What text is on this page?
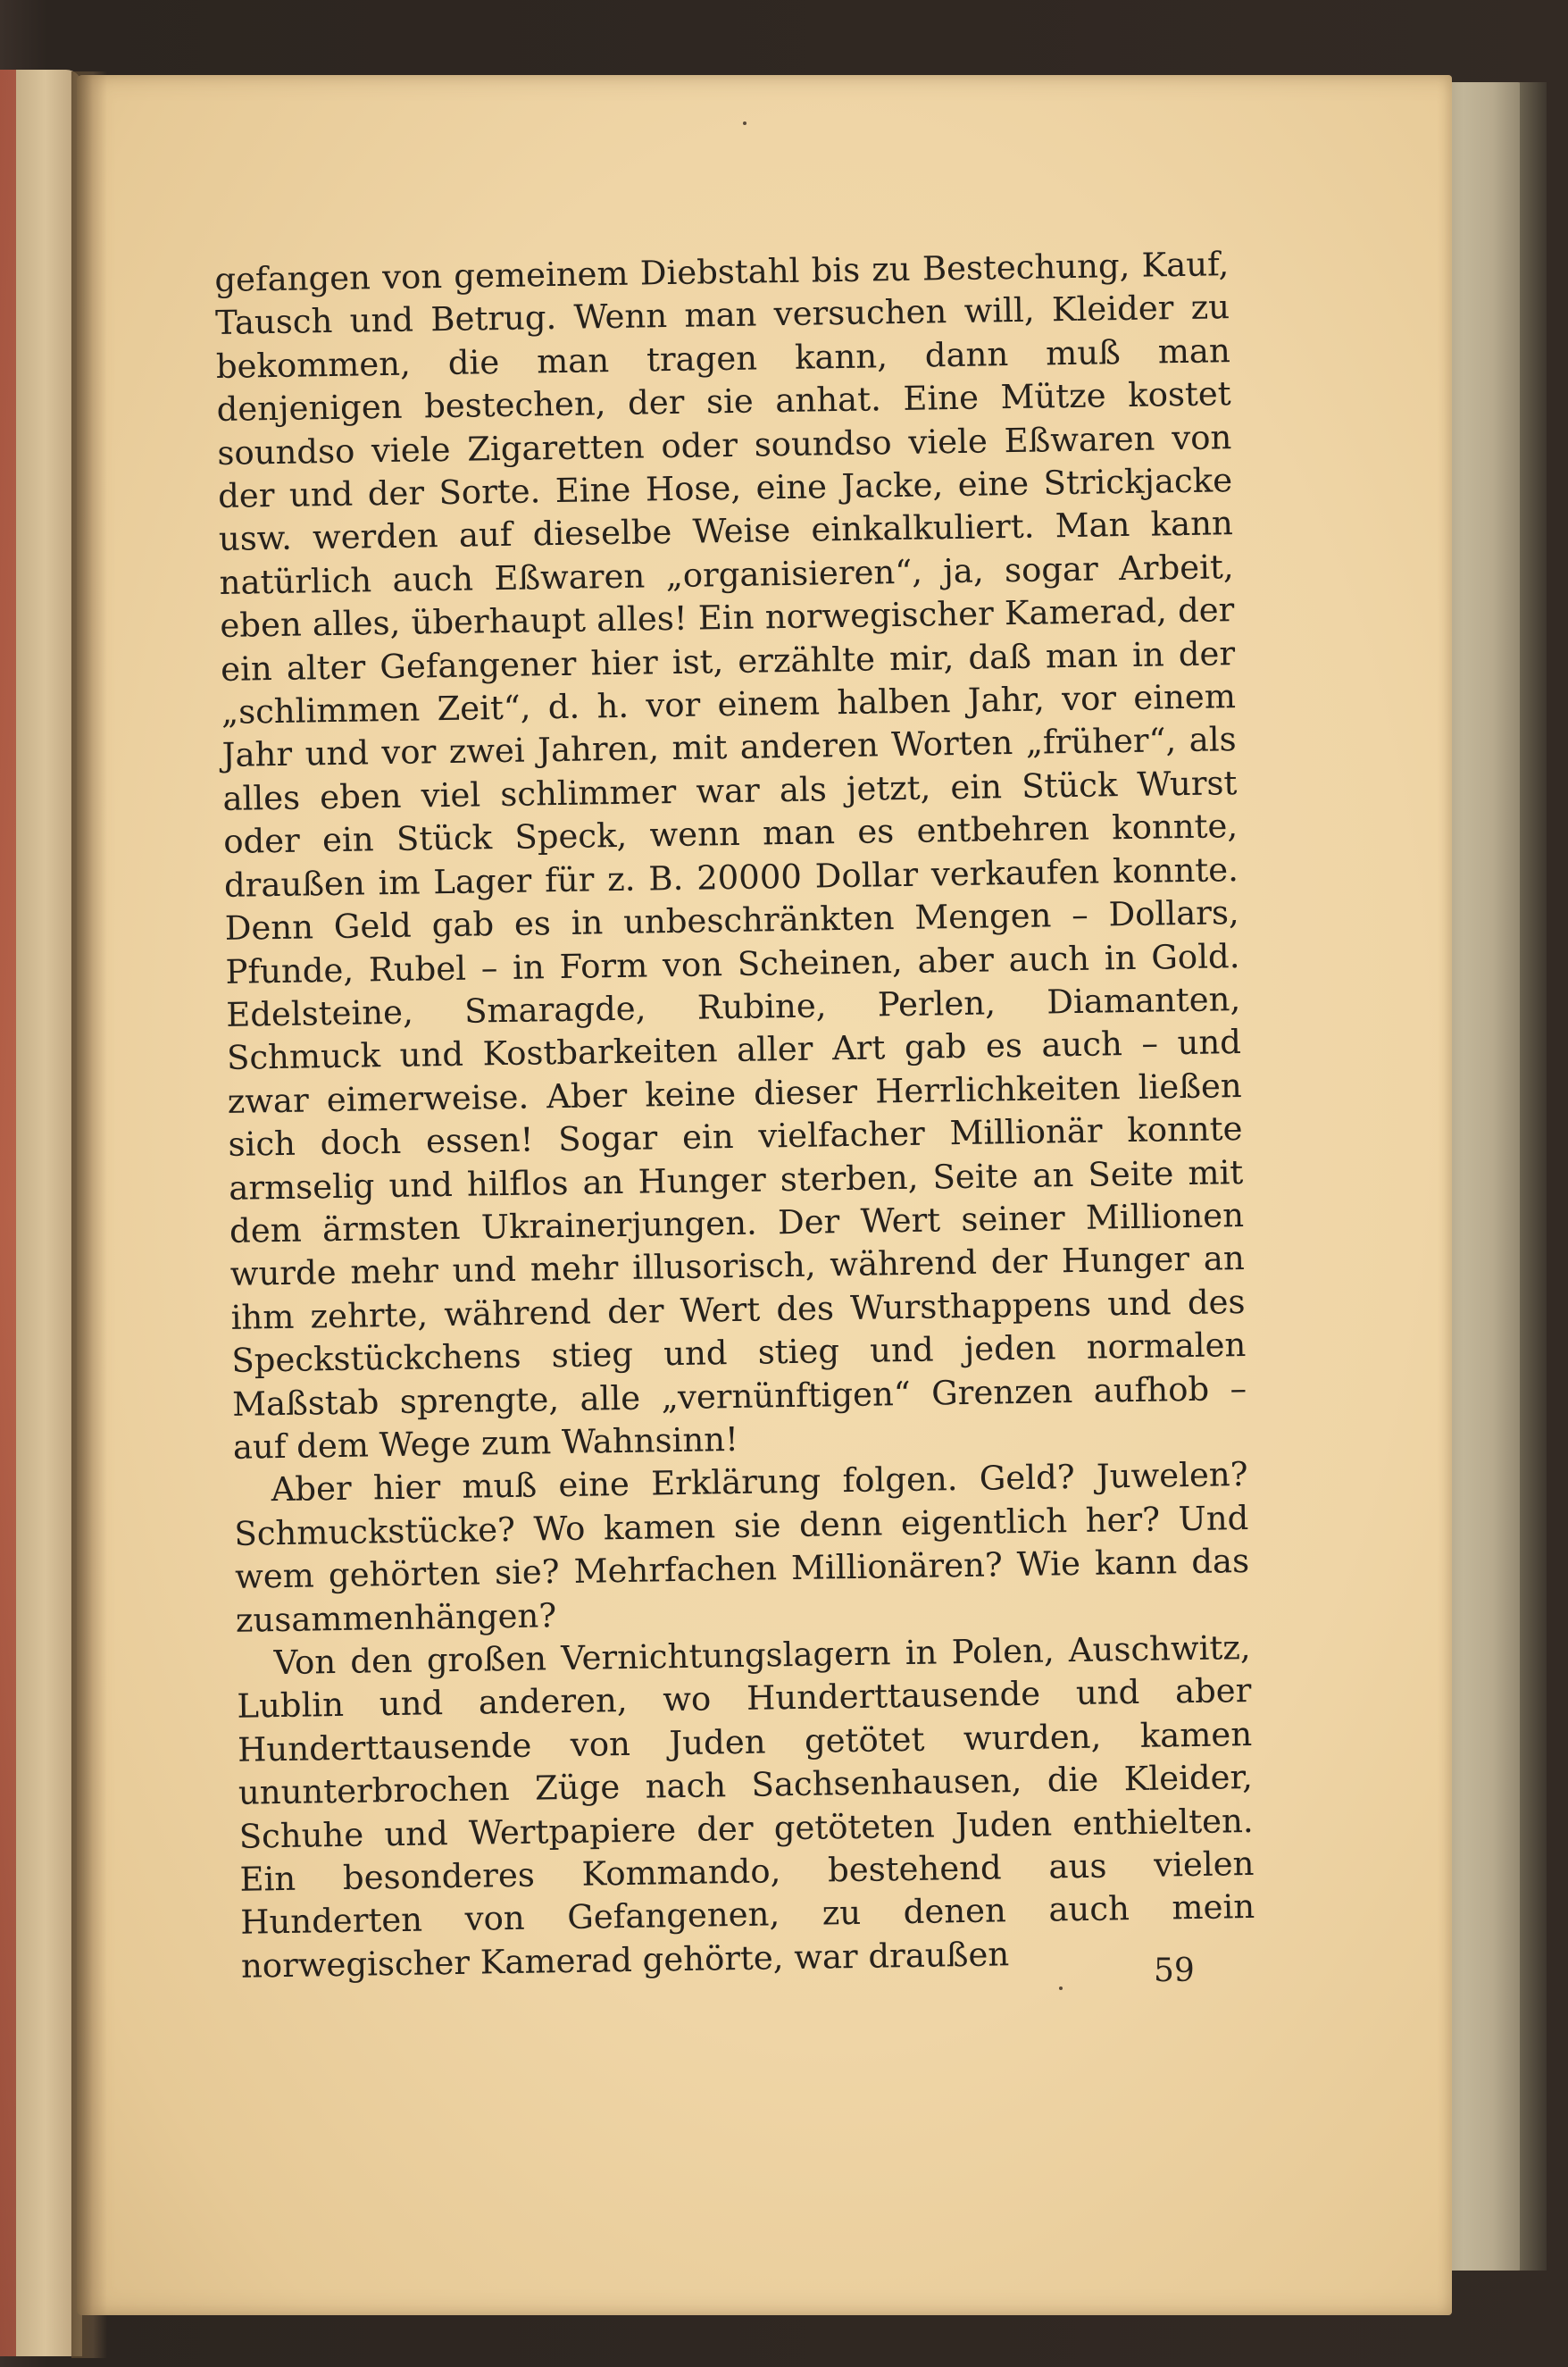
gefangen von gemeinem Diebstahl bis zu Bestechung, Kauf, Tausch und Betrug. Wenn man versuchen will, Kleider zu bekommen, die man tragen kann, dann muß man denjenigen bestechen, der sie anhat. Eine Mütze kostet soundso viele Zigaretten oder soundso viele Eßwaren von der und der Sorte. Eine Hose, eine Jacke, eine Strickjacke usw. werden auf dieselbe Weise einkalkuliert. Man kann natürlich auch Eßwaren „organisieren“, ja, sogar Arbeit, eben alles, überhaupt alles! Ein norwegischer Kamerad, der ein alter Gefangener hier ist, erzählte mir, daß man in der „schlimmen Zeit“, d. h. vor einem halben Jahr, vor einem Jahr und vor zwei Jahren, mit anderen Worten „früher“, als alles eben viel schlimmer war als jetzt, ein Stück Wurst oder ein Stück Speck, wenn man es entbehren konnte, draußen im Lager für z. B. 20000 Dollar verkaufen konnte. Denn Geld gab es in unbeschränkten Mengen – Dollars, Pfunde, Rubel – in Form von Scheinen, aber auch in Gold. Edelsteine, Smaragde, Rubine, Perlen, Diamanten, Schmuck und Kostbarkeiten aller Art gab es auch – und zwar eimerweise. Aber keine dieser Herrlichkeiten ließen sich doch essen! Sogar ein vielfacher Millionär konnte armselig und hilflos an Hunger sterben, Seite an Seite mit dem ärmsten Ukrainerjungen. Der Wert seiner Millionen wurde mehr und mehr illusorisch, während der Hunger an ihm zehrte, während der Wert des Wursthappens und des Speckstückchens stieg und stieg und jeden normalen Maßstab sprengte, alle „vernünftigen“ Grenzen aufhob – auf dem Wege zum Wahnsinn!

Aber hier muß eine Erklärung folgen. Geld? Juwelen? Schmuckstücke? Wo kamen sie denn eigentlich her? Und wem gehörten sie? Mehrfachen Millionären? Wie kann das zusammenhängen?

Von den großen Vernichtungslagern in Polen, Auschwitz, Lublin und anderen, wo Hunderttausende und aber Hunderttausende von Juden getötet wurden, kamen ununterbrochen Züge nach Sachsenhausen, die Kleider, Schuhe und Wertpapiere der getöteten Juden enthielten. Ein besonderes Kommando, bestehend aus vielen Hunderten von Gefangenen, zu denen auch mein norwegischer Kamerad gehörte, war draußen	59
